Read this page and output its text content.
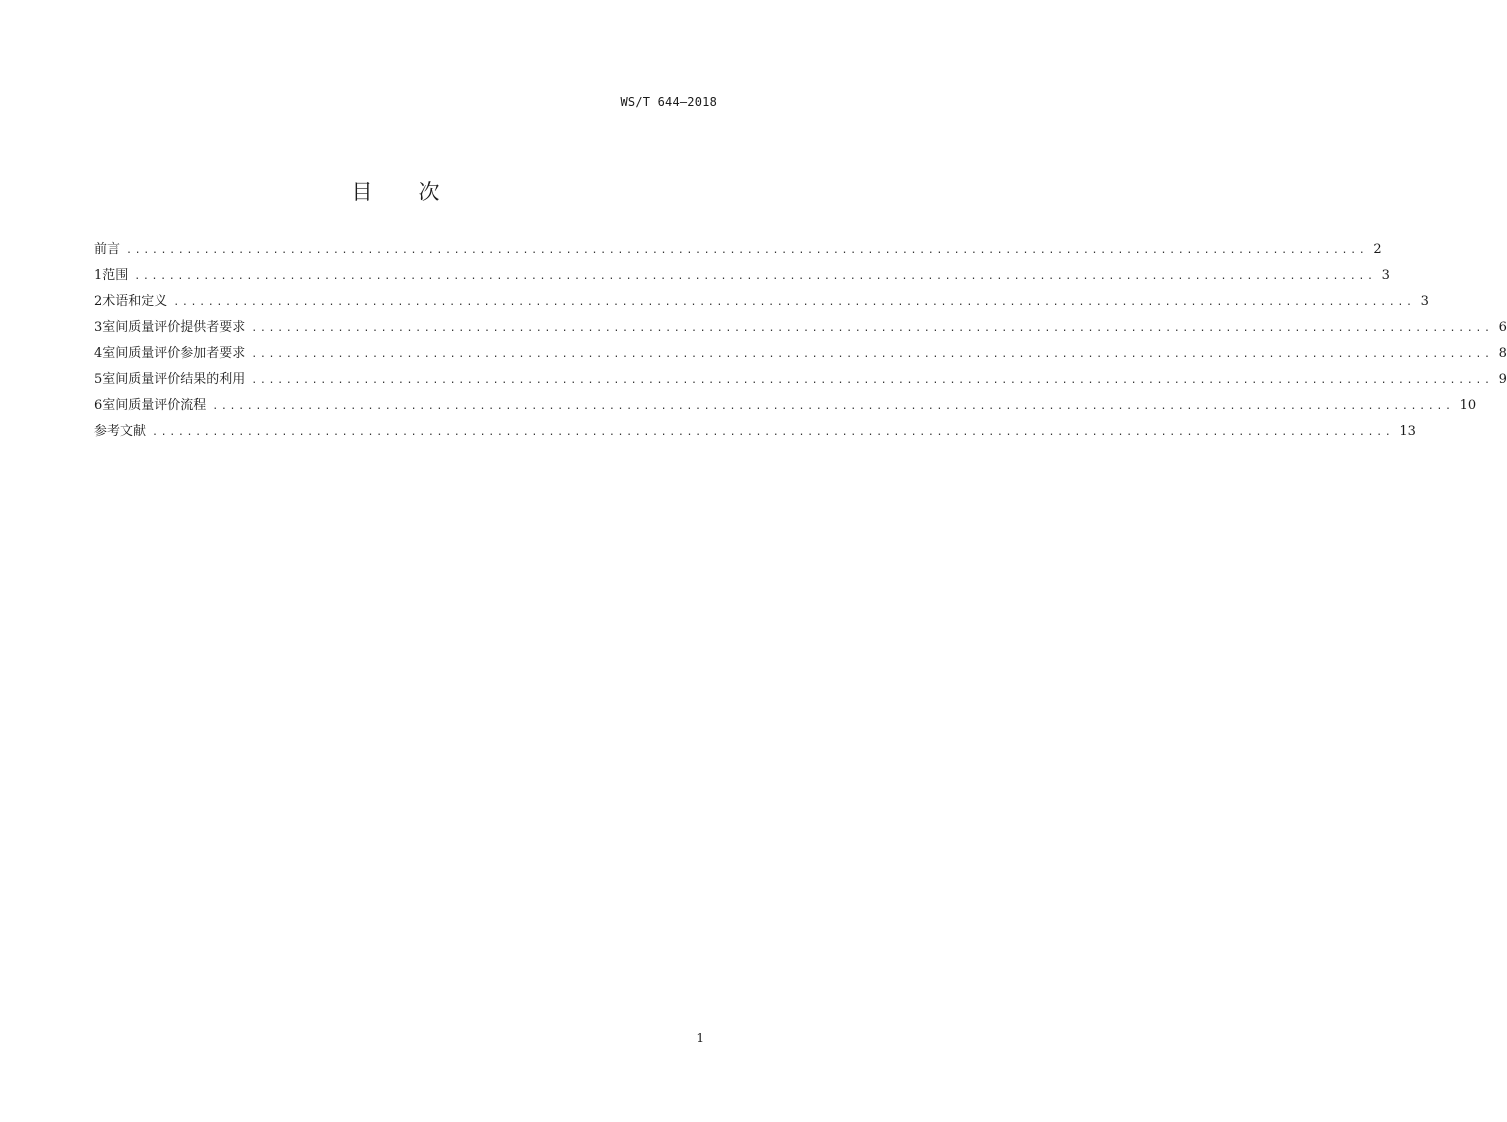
WS/T 644—2018
目 次
前言 ................................................................................................................................................ 2
1 范围 ................................................................................................................................................ 3
2 术语和定义 ................................................................................................................................................ 3
3 室间质量评价提供者要求 ................................................................................................................................................ 6
4 室间质量评价参加者要求 ................................................................................................................................................ 8
5 室间质量评价结果的利用 ................................................................................................................................................ 9
6 室间质量评价流程 ................................................................................................................................................ 10
参考文献 ................................................................................................................................................ 13
1
